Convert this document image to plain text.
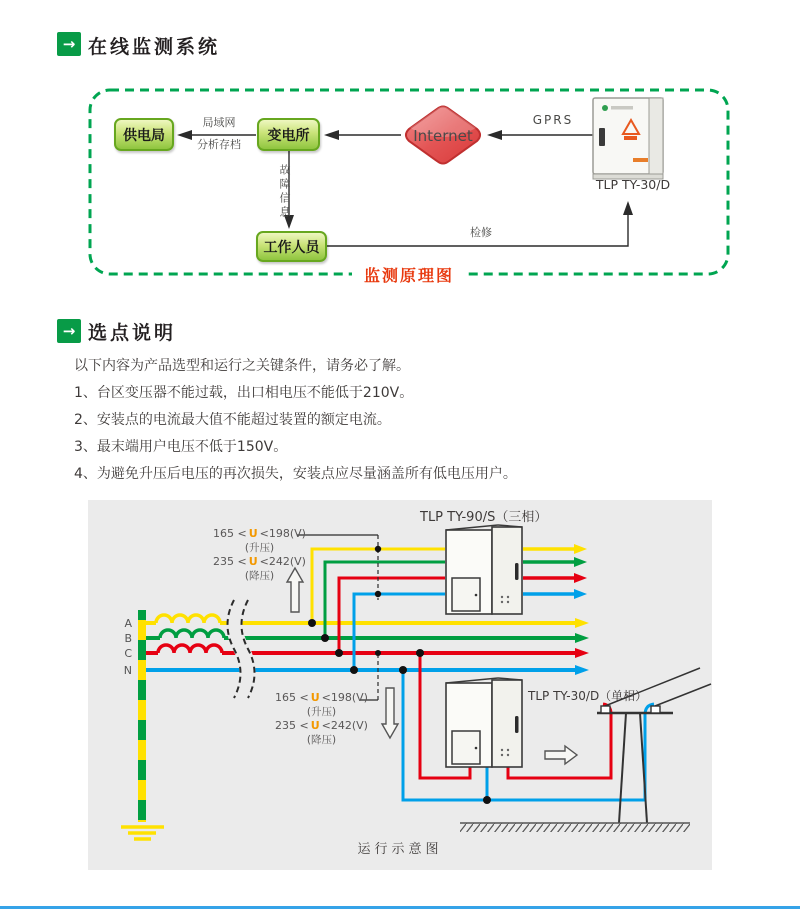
→ 在线监测系统
供电局	变电所
工作人员
Internet
局域网
分析存档
GPRS
故障信息
检修
TLP TY-30/D
监测原理图
→ 选点说明
以下内容为产品选型和运行之关键条件，请务必了解。
1、台区变压器不能过载，出口相电压不能低于210V。
2、安装点的电流最大值不能超过装置的额定电流。
3、最末端用户电压不低于150V。
4、为避免升压后电压的再次损失，安装点应尽量涵盖所有低电压用户。
A
B
C
N
TLP TY-90/S（三相）
TLP TY-30/D（单相）
165 < U <198(V)
(升压)
235 < U <242(V)
(降压)
165 < U <198(V)
(升压)
235 < U <242(V)
(降压)
运行示意图
